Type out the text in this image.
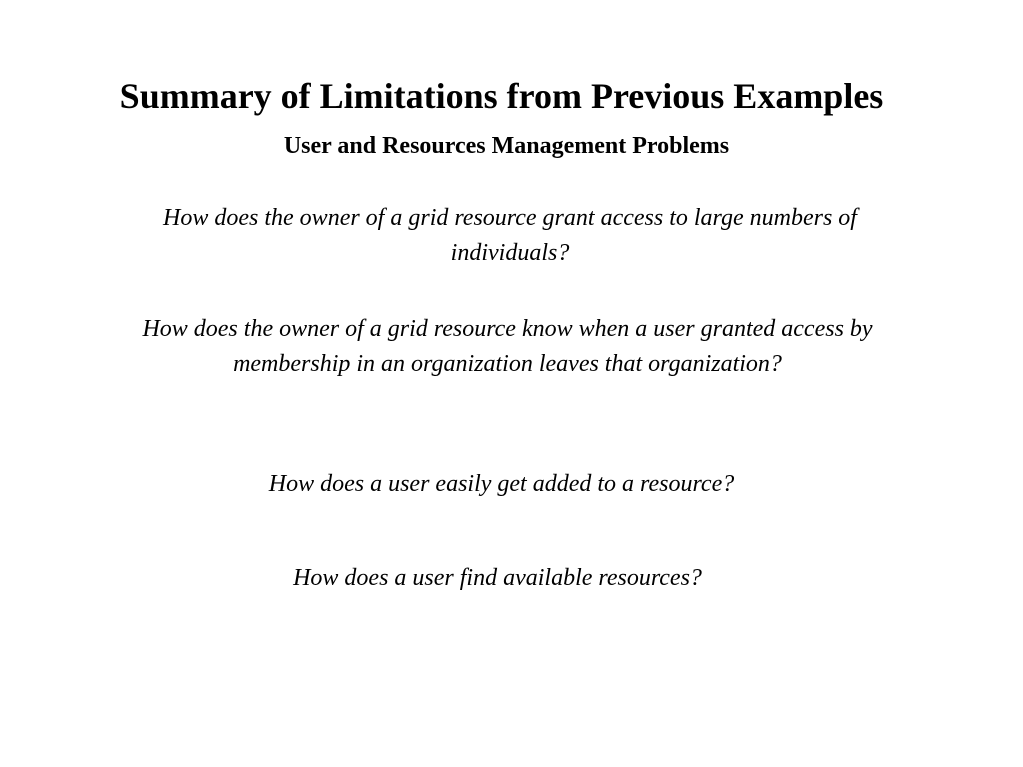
Summary of Limitations from Previous Examples
User and Resources Management Problems

How does the owner of a grid resource grant access to large numbers of individuals?

How does the owner of a grid resource know when a user granted access by membership in an organization leaves that organization?

How does a user easily get added to a resource?

How does a user find available resources?
